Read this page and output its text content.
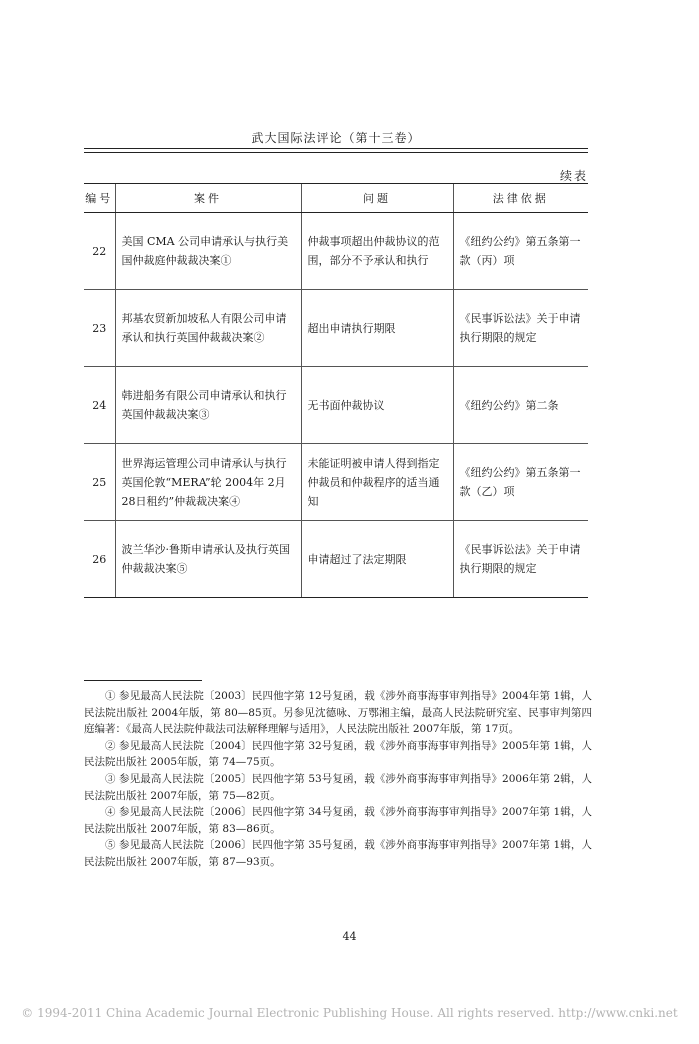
武大国际法评论（第十三卷）
续表
编号	案件	问题	法律依据
22	美国 CMA 公司申请承认与执行美国仲裁庭仲裁裁决案①	仲裁事项超出仲裁协议的范围，部分不予承认和执行	《纽约公约》第五条第一款（丙）项
23	邦基农贸新加坡私人有限公司申请承认和执行英国仲裁裁决案②	超出申请执行期限	《民事诉讼法》关于申请执行期限的规定
24	韩进船务有限公司申请承认和执行英国仲裁裁决案③	无书面仲裁协议	《纽约公约》第二条
25	世界海运管理公司申请承认与执行英国伦敦“MERA”轮 2004年 2月 28日租约”仲裁裁决案④	未能证明被申请人得到指定仲裁员和仲裁程序的适当通知	《纽约公约》第五条第一款（乙）项
26	波兰华沙·鲁斯申请承认及执行英国仲裁裁决案⑤	申请超过了法定期限	《民事诉讼法》关于申请执行期限的规定

① 参见最高人民法院〔2003〕民四他字第 12号复函，载《涉外商事海事审判指导》2004年第 1辑，人民法院出版社 2004年版，第 80—85页。另参见沈德咏、万鄂湘主编，最高人民法院研究室、民事审判第四庭编著：《最高人民法院仲裁法司法解释理解与适用》，人民法院出版社 2007年版，第 17页。

② 参见最高人民法院〔2004〕民四他字第 32号复函，载《涉外商事海事审判指导》2005年第 1辑，人民法院出版社 2005年版，第 74—75页。

③ 参见最高人民法院〔2005〕民四他字第 53号复函，载《涉外商事海事审判指导》2006年第 2辑，人民法院出版社 2007年版，第 75—82页。

④ 参见最高人民法院〔2006〕民四他字第 34号复函，载《涉外商事海事审判指导》2007年第 1辑，人民法院出版社 2007年版，第 83—86页。

⑤ 参见最高人民法院〔2006〕民四他字第 35号复函，载《涉外商事海事审判指导》2007年第 1辑，人民法院出版社 2007年版，第 87—93页。

44
© 1994-2011 China Academic Journal Electronic Publishing House. All rights reserved. http://www.cnki.net
